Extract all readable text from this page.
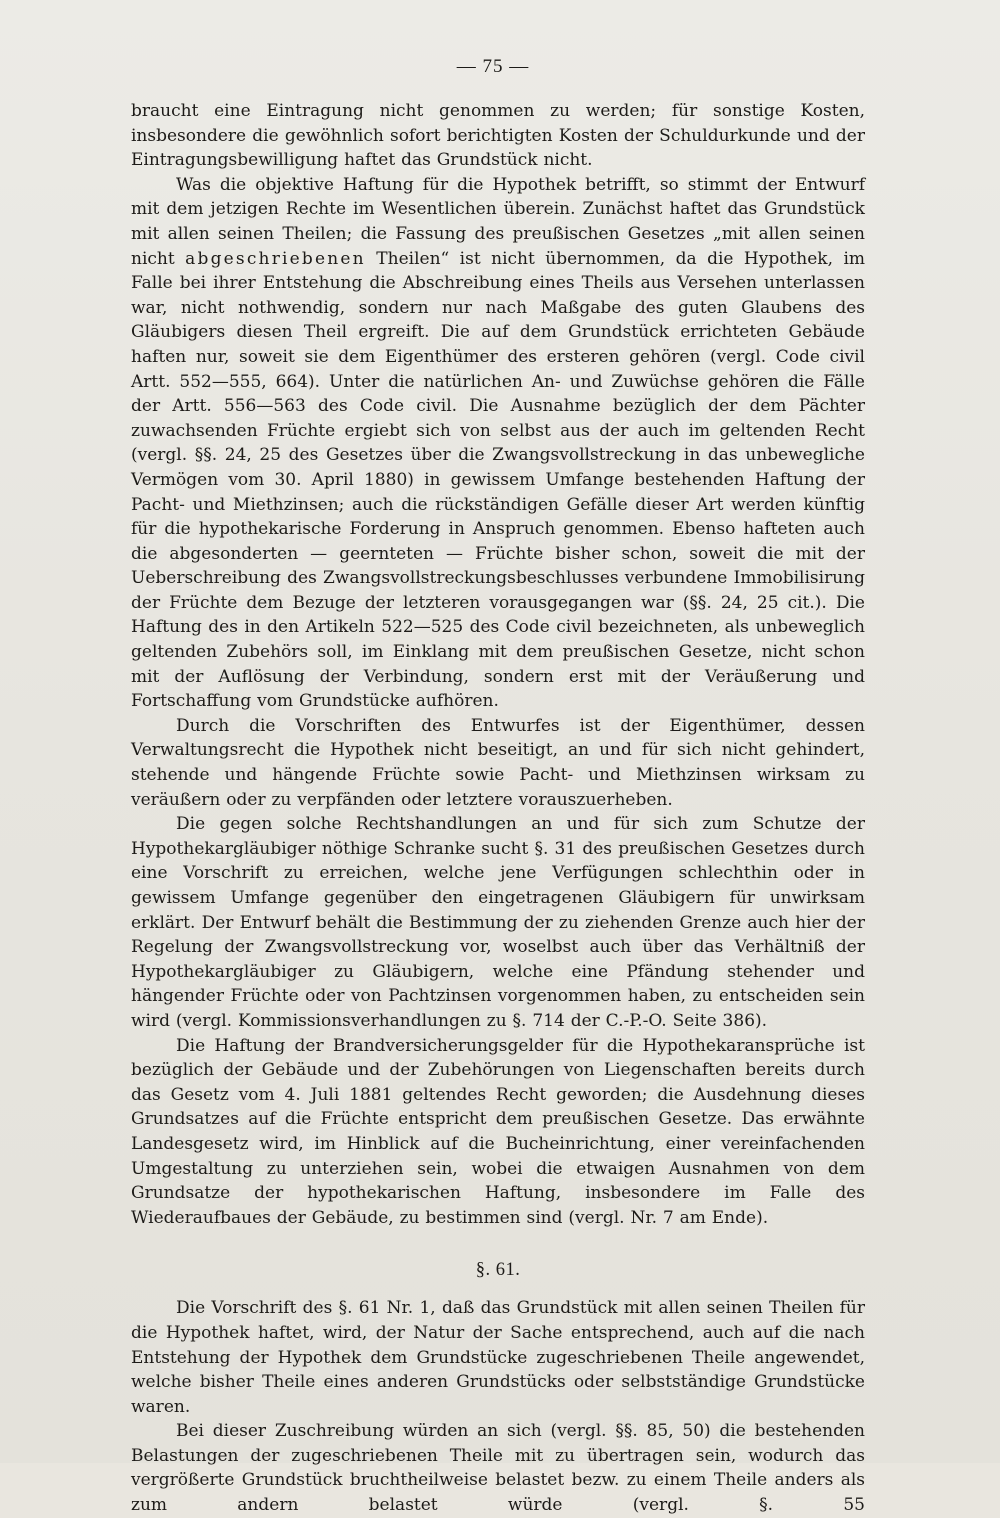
— 75 —

braucht eine Eintragung nicht genommen zu werden; für sonstige Kosten, insbesondere die gewöhnlich sofort berichtigten Kosten der Schuldurkunde und der Eintragungsbewilligung haftet das Grundstück nicht.

Was die objektive Haftung für die Hypothek betrifft, so stimmt der Entwurf mit dem jetzigen Rechte im Wesentlichen überein. Zunächst haftet das Grundstück mit allen seinen Theilen; die Fassung des preußischen Gesetzes „mit allen seinen nicht abgeschriebenen Theilen“ ist nicht übernommen, da die Hypothek, im Falle bei ihrer Entstehung die Abschreibung eines Theils aus Versehen unterlassen war, nicht nothwendig, sondern nur nach Maßgabe des guten Glaubens des Gläubigers diesen Theil ergreift. Die auf dem Grundstück errichteten Gebäude haften nur, soweit sie dem Eigenthümer des ersteren gehören (vergl. Code civil Artt. 552—555, 664). Unter die natürlichen An- und Zuwüchse gehören die Fälle der Artt. 556—563 des Code civil. Die Ausnahme bezüglich der dem Pächter zuwachsenden Früchte ergiebt sich von selbst aus der auch im geltenden Recht (vergl. §§. 24, 25 des Gesetzes über die Zwangsvollstreckung in das unbewegliche Vermögen vom 30. April 1880) in gewissem Umfange bestehenden Haftung der Pacht- und Miethzinsen; auch die rückständigen Gefälle dieser Art werden künftig für die hypothekarische Forderung in Anspruch genommen. Ebenso hafteten auch die abgesonderten — geernteten — Früchte bisher schon, soweit die mit der Ueberschreibung des Zwangsvollstreckungsbeschlusses verbundene Immobilisirung der Früchte dem Bezuge der letzteren vorausgegangen war (§§. 24, 25 cit.). Die Haftung des in den Artikeln 522—525 des Code civil bezeichneten, als unbeweglich geltenden Zubehörs soll, im Einklang mit dem preußischen Gesetze, nicht schon mit der Auflösung der Verbindung, sondern erst mit der Veräußerung und Fortschaffung vom Grundstücke aufhören.

Durch die Vorschriften des Entwurfes ist der Eigenthümer, dessen Verwaltungsrecht die Hypothek nicht beseitigt, an und für sich nicht gehindert, stehende und hängende Früchte sowie Pacht- und Miethzinsen wirksam zu veräußern oder zu verpfänden oder letztere vorauszuerheben.

Die gegen solche Rechtshandlungen an und für sich zum Schutze der Hypothekargläubiger nöthige Schranke sucht §. 31 des preußischen Gesetzes durch eine Vorschrift zu erreichen, welche jene Verfügungen schlechthin oder in gewissem Umfange gegenüber den eingetragenen Gläubigern für unwirksam erklärt. Der Entwurf behält die Bestimmung der zu ziehenden Grenze auch hier der Regelung der Zwangsvollstreckung vor, woselbst auch über das Verhältniß der Hypothekargläubiger zu Gläubigern, welche eine Pfändung stehender und hängender Früchte oder von Pachtzinsen vorgenommen haben, zu entscheiden sein wird (vergl. Kommissionsverhandlungen zu §. 714 der C.-P.-O. Seite 386).

Die Haftung der Brandversicherungsgelder für die Hypothekaransprüche ist bezüglich der Gebäude und der Zubehörungen von Liegenschaften bereits durch das Gesetz vom 4. Juli 1881 geltendes Recht geworden; die Ausdehnung dieses Grundsatzes auf die Früchte entspricht dem preußischen Gesetze. Das erwähnte Landesgesetz wird, im Hinblick auf die Bucheinrichtung, einer vereinfachenden Umgestaltung zu unterziehen sein, wobei die etwaigen Ausnahmen von dem Grundsatze der hypothekarischen Haftung, insbesondere im Falle des Wiederaufbaues der Gebäude, zu bestimmen sind (vergl. Nr. 7 am Ende).

§. 61.

Die Vorschrift des §. 61 Nr. 1, daß das Grundstück mit allen seinen Theilen für die Hypothek haftet, wird, der Natur der Sache entsprechend, auch auf die nach Entstehung der Hypothek dem Grundstücke zugeschriebenen Theile angewendet, welche bisher Theile eines anderen Grundstücks oder selbstständige Grundstücke waren.

Bei dieser Zuschreibung würden an sich (vergl. §§. 85, 50) die bestehenden Belastungen der zugeschriebenen Theile mit zu übertragen sein, wodurch das vergrößerte Grundstück bruchtheilweise belastet bezw. zu einem Theile anders als zum andern belastet würde (vergl. §. 55
